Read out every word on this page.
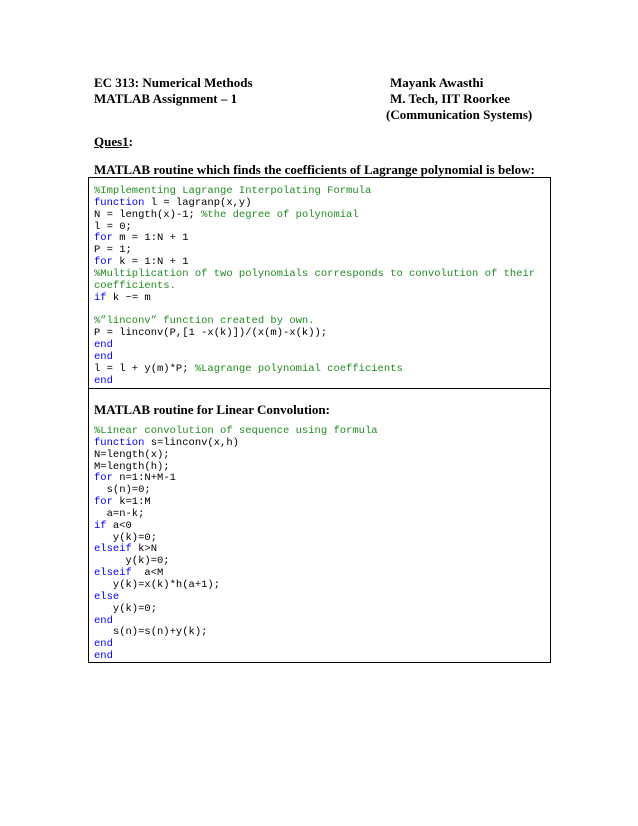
EC 313: Numerical Methods
MATLAB Assignment – 1
Mayank Awasthi
M. Tech, IIT Roorkee
(Communication Systems)
Ques1:
MATLAB routine which finds the coefficients of Lagrange polynomial is below:
%Implementing Lagrange Interpolating Formula
function l = lagranp(x,y)
N = length(x)-1; %the degree of polynomial
l = 0;
for m = 1:N + 1
P = 1;
for k = 1:N + 1
%Multiplication of two polynomials corresponds to convolution of their
coefficients.
if k ~= m

%”linconv” function created by own.
P = linconv(P,[1 -x(k)])/(x(m)-x(k));
end
end
l = l + y(m)*P; %Lagrange polynomial coefficients
end
MATLAB routine for Linear Convolution:
%Linear convolution of sequence using formula
function s=linconv(x,h)
N=length(x);
M=length(h);
for n=1:N+M-1
s(n)=0;
for k=1:M
a=n-k;
if a<0
y(k)=0;
elseif k>N
y(k)=0;
elseif  a<M
y(k)=x(k)*h(a+1);
else
y(k)=0;
end
s(n)=s(n)+y(k);
end
end
